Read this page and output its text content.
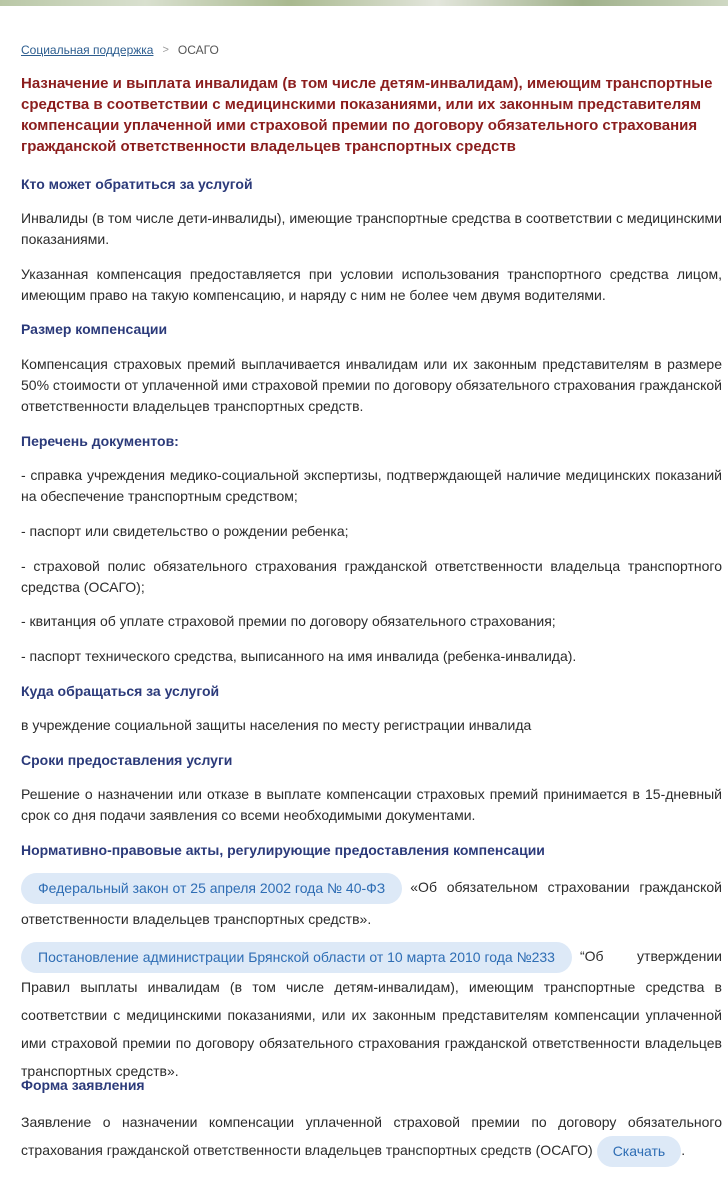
Социальная поддержка > ОСАГО
Назначение и выплата инвалидам (в том числе детям-инвалидам), имеющим транспортные средства в соответствии с медицинскими показаниями, или их законным представителям компенсации уплаченной ими страховой премии по договору обязательного страхования гражданской ответственности владельцев транспортных средств
Кто может обратиться за услугой

Инвалиды (в том числе дети-инвалиды), имеющие транспортные средства в соответствии с медицинскими показаниями.

Указанная компенсация предоставляется при условии использования транспортного средства лицом, имеющим право на такую компенсацию, и наряду с ним не более чем двумя водителями.

Размер компенсации

Компенсация страховых премий выплачивается инвалидам или их законным представителям в размере 50% стоимости от уплаченной ими страховой премии по договору обязательного страхования гражданской ответственности владельцев транспортных средств.

Перечень документов:

- справка учреждения медико-социальной экспертизы, подтверждающей наличие медицинских показаний на обеспечение транспортным средством;

- паспорт или свидетельство о рождении ребенка;

- страховой полис обязательного страхования гражданской ответственности владельца транспортного средства (ОСАГО);

- квитанция об уплате страховой премии по договору обязательного страхования;

- паспорт технического средства, выписанного на имя инвалида (ребенка-инвалида).

Куда обращаться за услугой

в учреждение социальной защиты населения по месту регистрации инвалида

Сроки предоставления услуги

Решение о назначении или отказе в выплате компенсации страховых премий принимается в 15-дневный срок со дня подачи заявления со всеми необходимыми документами.

Нормативно-правовые акты, регулирующие предоставления компенсации

Федеральный закон от 25 апреля 2002 года № 40-ФЗ «Об обязательном страховании гражданской ответственности владельцев транспортных средств».

Постановление администрации Брянской области от 10 марта 2010 года №233 “Об утверждении Правил выплаты инвалидам (в том числе детям-инвалидам), имеющим транспортные средства в соответствии с медицинскими показаниями, или их законным представителям компенсации уплаченной ими страховой премии по договору обязательного страхования гражданской ответственности владельцев транспортных средств».

Форма заявления

Заявление о назначении компенсации уплаченной страховой премии по договору обязательного страхования гражданской ответственности владельцев транспортных средств (ОСАГО) Скачать .
